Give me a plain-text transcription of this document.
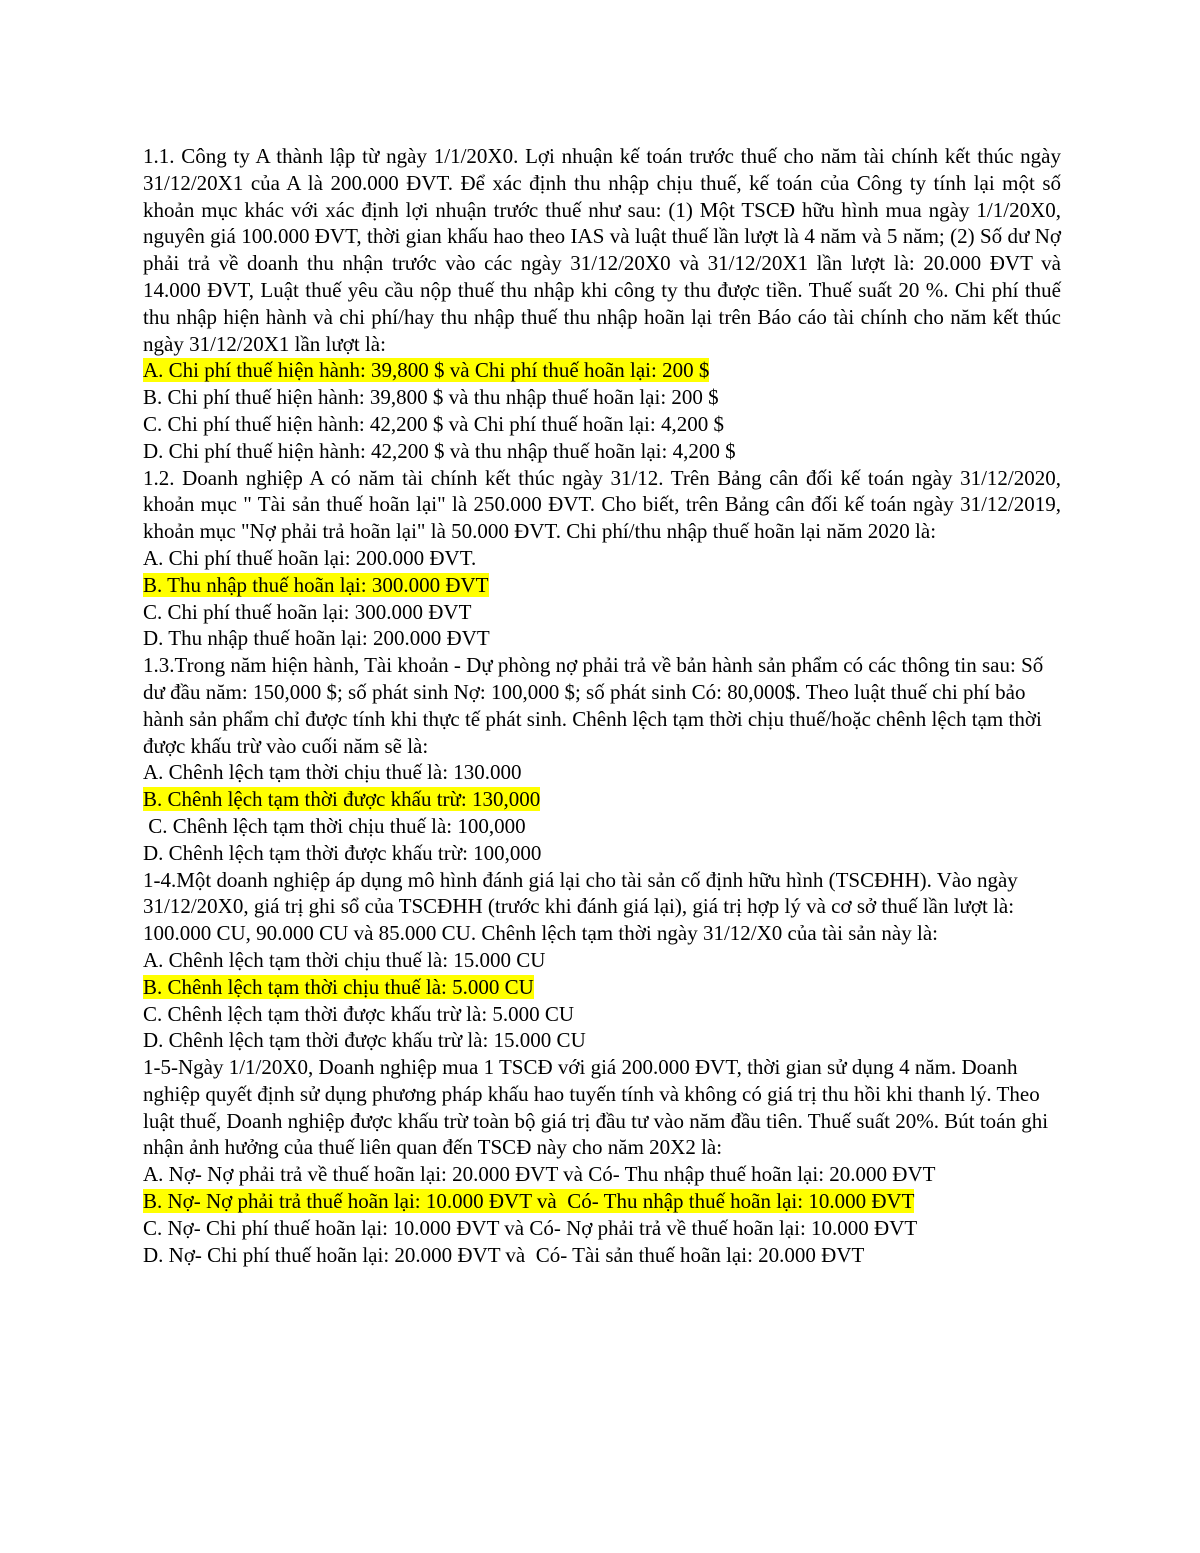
1.1. Công ty A thành lập từ ngày 1/1/20X0. Lợi nhuận kế toán trước thuế cho năm tài chính kết thúc ngày 31/12/20X1 của A là 200.000 ĐVT. Để xác định thu nhập chịu thuế, kế toán của Công ty tính lại một số khoản mục khác với xác định lợi nhuận trước thuế như sau: (1) Một TSCĐ hữu hình mua ngày 1/1/20X0, nguyên giá 100.000 ĐVT, thời gian khấu hao theo IAS và luật thuế lần lượt là 4 năm và 5 năm; (2) Số dư Nợ phải trả về doanh thu nhận trước vào các ngày 31/12/20X0 và 31/12/20X1 lần lượt là: 20.000 ĐVT và 14.000 ĐVT, Luật thuế yêu cầu nộp thuế thu nhập khi công ty thu được tiền. Thuế suất 20 %. Chi phí thuế thu nhập hiện hành và chi phí/hay thu nhập thuế thu nhập hoãn lại trên Báo cáo tài chính cho năm kết thúc ngày 31/12/20X1 lần lượt là:

A. Chi phí thuế hiện hành: 39,800 $ và Chi phí thuế hoãn lại: 200 $
B. Chi phí thuế hiện hành: 39,800 $ và thu nhập thuế hoãn lại: 200 $
C. Chi phí thuế hiện hành: 42,200 $ và Chi phí thuế hoãn lại: 4,200 $
D. Chi phí thuế hiện hành: 42,200 $ và thu nhập thuế hoãn lại: 4,200 $

1.2. Doanh nghiệp A có năm tài chính kết thúc ngày 31/12. Trên Bảng cân đối kế toán ngày 31/12/2020, khoản mục " Tài sản thuế hoãn lại" là 250.000 ĐVT. Cho biết, trên Bảng cân đối kế toán ngày 31/12/2019, khoản mục "Nợ phải trả hoãn lại" là 50.000 ĐVT. Chi phí/thu nhập thuế hoãn lại năm 2020 là:

A. Chi phí thuế hoãn lại: 200.000 ĐVT.
B. Thu nhập thuế hoãn lại: 300.000 ĐVT
C. Chi phí thuế hoãn lại: 300.000 ĐVT
D. Thu nhập thuế hoãn lại: 200.000 ĐVT

1.3.Trong năm hiện hành, Tài khoản - Dự phòng nợ phải trả về bản hành sản phẩm có các thông tin sau: Số dư đầu năm: 150,000 $; số phát sinh Nợ: 100,000 $; số phát sinh Có: 80,000$. Theo luật thuế chi phí bảo hành sản phẩm chỉ được tính khi thực tế phát sinh. Chênh lệch tạm thời chịu thuế/hoặc chênh lệch tạm thời được khấu trừ vào cuối năm sẽ là:

A. Chênh lệch tạm thời chịu thuế là: 130.000
B. Chênh lệch tạm thời được khấu trừ: 130,000
C. Chênh lệch tạm thời chịu thuế là: 100,000
D. Chênh lệch tạm thời được khấu trừ: 100,000

1-4.Một doanh nghiệp áp dụng mô hình đánh giá lại cho tài sản cố định hữu hình (TSCĐHH). Vào ngày 31/12/20X0, giá trị ghi sổ của TSCĐHH (trước khi đánh giá lại), giá trị hợp lý và cơ sở thuế lần lượt là: 100.000 CU, 90.000 CU và 85.000 CU. Chênh lệch tạm thời ngày 31/12/X0 của tài sản này là:

A. Chênh lệch tạm thời chịu thuế là: 15.000 CU
B. Chênh lệch tạm thời chịu thuế là: 5.000 CU
C. Chênh lệch tạm thời được khấu trừ là: 5.000 CU
D. Chênh lệch tạm thời được khấu trừ là: 15.000 CU

1-5-Ngày 1/1/20X0, Doanh nghiệp mua 1 TSCĐ với giá 200.000 ĐVT, thời gian sử dụng 4 năm. Doanh nghiệp quyết định sử dụng phương pháp khấu hao tuyến tính và không có giá trị thu hồi khi thanh lý. Theo luật thuế, Doanh nghiệp được khấu trừ toàn bộ giá trị đầu tư vào năm đầu tiên. Thuế suất 20%. Bút toán ghi nhận ảnh hưởng của thuế liên quan đến TSCĐ này cho năm 20X2 là:

A. Nợ- Nợ phải trả về thuế hoãn lại: 20.000 ĐVT và Có- Thu nhập thuế hoãn lại: 20.000 ĐVT
B. Nợ- Nợ phải trả thuế hoãn lại: 10.000 ĐVT và  Có- Thu nhập thuế hoãn lại: 10.000 ĐVT
C. Nợ- Chi phí thuế hoãn lại: 10.000 ĐVT và Có- Nợ phải trả về thuế hoãn lại: 10.000 ĐVT
D. Nợ- Chi phí thuế hoãn lại: 20.000 ĐVT và  Có- Tài sản thuế hoãn lại: 20.000 ĐVT
